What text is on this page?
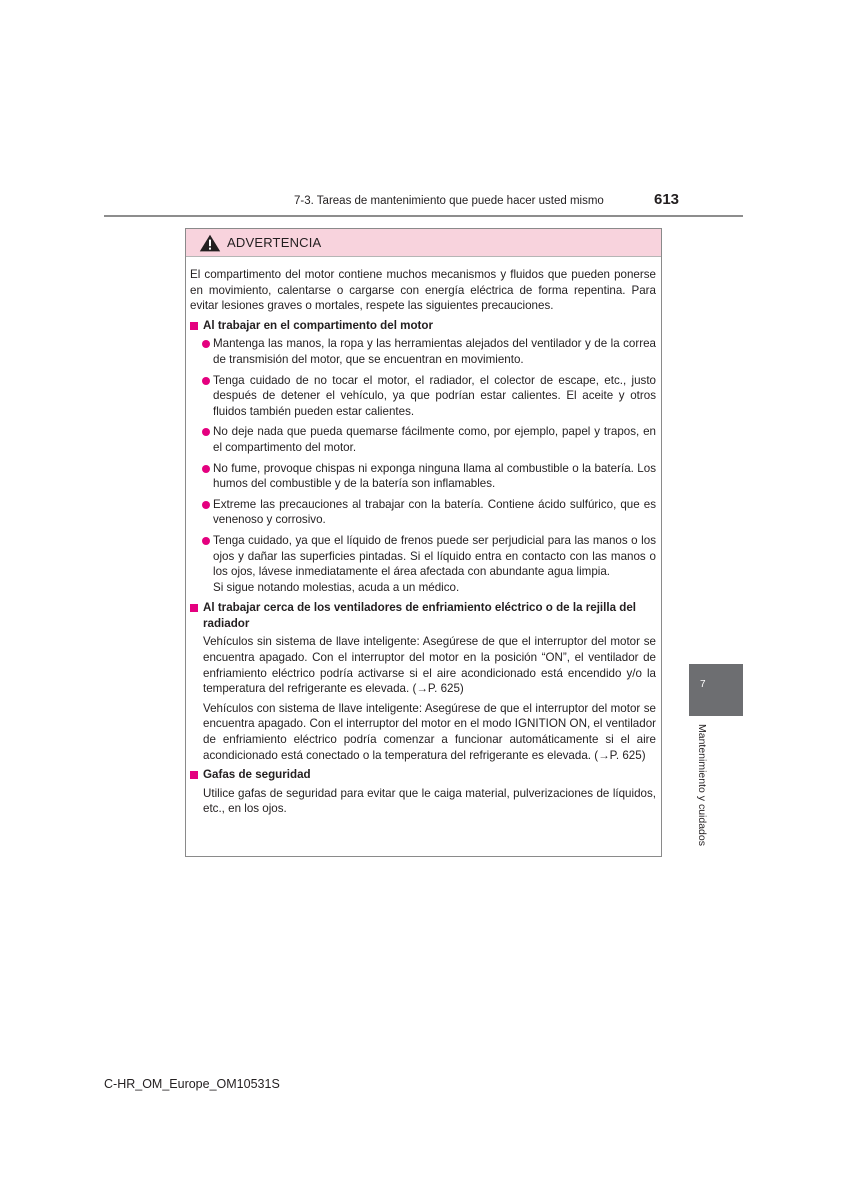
7-3. Tareas de mantenimiento que puede hacer usted mismo	613
7
Mantenimiento y cuidados
ADVERTENCIA

El compartimento del motor contiene muchos mecanismos y fluidos que pueden ponerse en movimiento, calentarse o cargarse con energía eléctrica de forma repentina. Para evitar lesiones graves o mortales, respete las siguientes precauciones.

Al trabajar en el compartimento del motor
Mantenga las manos, la ropa y las herramientas alejados del ventilador y de la correa de transmisión del motor, que se encuentran en movimiento.
Tenga cuidado de no tocar el motor, el radiador, el colector de escape, etc., justo después de detener el vehículo, ya que podrían estar calientes. El aceite y otros fluidos también pueden estar calientes.
No deje nada que pueda quemarse fácilmente como, por ejemplo, papel y trapos, en el compartimento del motor.
No fume, provoque chispas ni exponga ninguna llama al combustible o la batería. Los humos del combustible y de la batería son inflamables.
Extreme las precauciones al trabajar con la batería. Contiene ácido sulfúrico, que es venenoso y corrosivo.
Tenga cuidado, ya que el líquido de frenos puede ser perjudicial para las manos o los ojos y dañar las superficies pintadas. Si el líquido entra en contacto con las manos o los ojos, lávese inmediatamente el área afectada con abundante agua limpia.
Si sigue notando molestias, acuda a un médico.
Al trabajar cerca de los ventiladores de enfriamiento eléctrico o de la rejilla del radiador

Vehículos sin sistema de llave inteligente: Asegúrese de que el interruptor del motor se encuentra apagado. Con el interruptor del motor en la posición “ON”, el ventilador de enfriamiento eléctrico podría activarse si el aire acondicionado está encendido y/o la temperatura del refrigerante es elevada. (→P. 625)

Vehículos con sistema de llave inteligente: Asegúrese de que el interruptor del motor se encuentra apagado. Con el interruptor del motor en el modo IGNITION ON, el ventilador de enfriamiento eléctrico podría comenzar a funcionar automáticamente si el aire acondicionado está conectado o la temperatura del refrigerante es elevada. (→P. 625)

Gafas de seguridad

Utilice gafas de seguridad para evitar que le caiga material, pulverizaciones de líquidos, etc., en los ojos.

C-HR_OM_Europe_OM10531S
